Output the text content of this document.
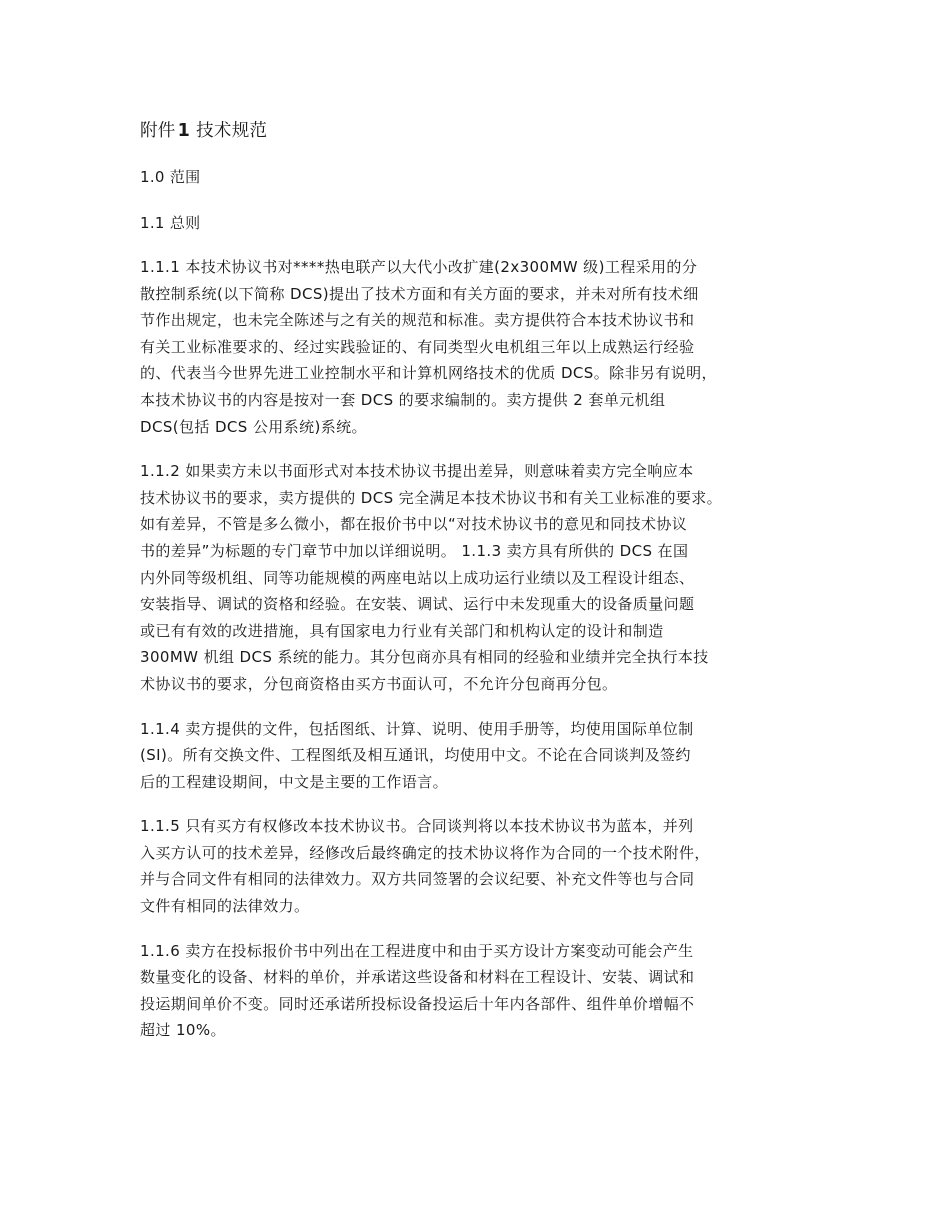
附件 1 技术规范
1.0 范围
1.1 总则
1.1.1 本技术协议书对****热电联产以大代小改扩建(2x300MW 级)工程采用的分
散控制系统(以下简称 DCS)提出了技术方面和有关方面的要求，并未对所有技术细
节作出规定，也未完全陈述与之有关的规范和标准。卖方提供符合本技术协议书和
有关工业标准要求的、经过实践验证的、有同类型火电机组三年以上成熟运行经验
的、代表当今世界先进工业控制水平和计算机网络技术的优质 DCS。除非另有说明，
本技术协议书的内容是按对一套 DCS 的要求编制的。卖方提供 2 套单元机组
DCS(包括 DCS 公用系统)系统。
1.1.2 如果卖方未以书面形式对本技术协议书提出差异，则意味着卖方完全响应本
技术协议书的要求，卖方提供的 DCS 完全满足本技术协议书和有关工业标准的要求。
如有差异，不管是多么微小，都在报价书中以“对技术协议书的意见和同技术协议
书的差异”为标题的专门章节中加以详细说明。 1.1.3 卖方具有所供的 DCS 在国
内外同等级机组、同等功能规模的两座电站以上成功运行业绩以及工程设计组态、
安装指导、调试的资格和经验。在安装、调试、运行中未发现重大的设备质量问题
或已有有效的改进措施，具有国家电力行业有关部门和机构认定的设计和制造
300MW 机组 DCS 系统的能力。其分包商亦具有相同的经验和业绩并完全执行本技
术协议书的要求，分包商资格由买方书面认可，不允许分包商再分包。
1.1.4 卖方提供的文件，包括图纸、计算、说明、使用手册等，均使用国际单位制
(SI)。所有交换文件、工程图纸及相互通讯，均使用中文。不论在合同谈判及签约
后的工程建设期间，中文是主要的工作语言。
1.1.5 只有买方有权修改本技术协议书。合同谈判将以本技术协议书为蓝本，并列
入买方认可的技术差异，经修改后最终确定的技术协议将作为合同的一个技术附件，
并与合同文件有相同的法律效力。双方共同签署的会议纪要、补充文件等也与合同
文件有相同的法律效力。
1.1.6 卖方在投标报价书中列出在工程进度中和由于买方设计方案变动可能会产生
数量变化的设备、材料的单价，并承诺这些设备和材料在工程设计、安装、调试和
投运期间单价不变。同时还承诺所投标设备投运后十年内各部件、组件单价增幅不
超过 10%。
